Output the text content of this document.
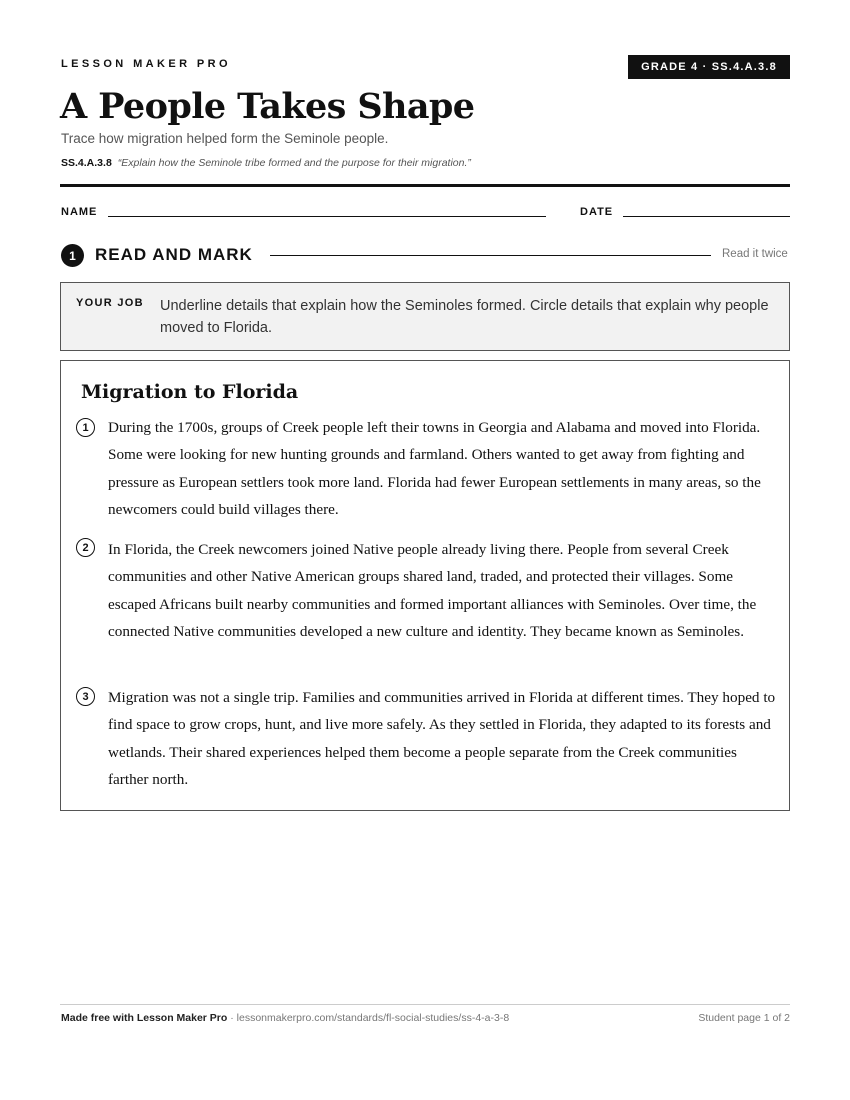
LESSON MAKER PRO	GRADE 4 · SS.4.A.3.8
A People Takes Shape
Trace how migration helped form the Seminole people.
SS.4.A.3.8 “Explain how the Seminole tribe formed and the purpose for their migration.”
NAME	DATE
1	READ AND MARK	Read it twice
YOUR JOB Underline details that explain how the Seminoles formed. Circle details that explain why people moved to Florida.
Migration to Florida
1	During the 1700s, groups of Creek people left their towns in Georgia and Alabama and moved into Florida. Some were looking for new hunting grounds and farmland. Others wanted to get away from fighting and pressure as European settlers took more land. Florida had fewer European settlements in many areas, so the newcomers could build villages there.

2	In Florida, the Creek newcomers joined Native people already living there. People from several Creek communities and other Native American groups shared land, traded, and protected their villages. Some escaped Africans built nearby communities and formed important alliances with Seminoles. Over time, the connected Native communities developed a new culture and identity. They became known as Seminoles.

3	Migration was not a single trip. Families and communities arrived in Florida at different times. They hoped to find space to grow crops, hunt, and live more safely. As they settled in Florida, they adapted to its forests and wetlands. Their shared experiences helped them become a people separate from the Creek communities farther north.

Made free with Lesson Maker Pro · lessonmakerpro.com/standards/fl-social-studies/ss-4-a-3-8	Student page 1 of 2
